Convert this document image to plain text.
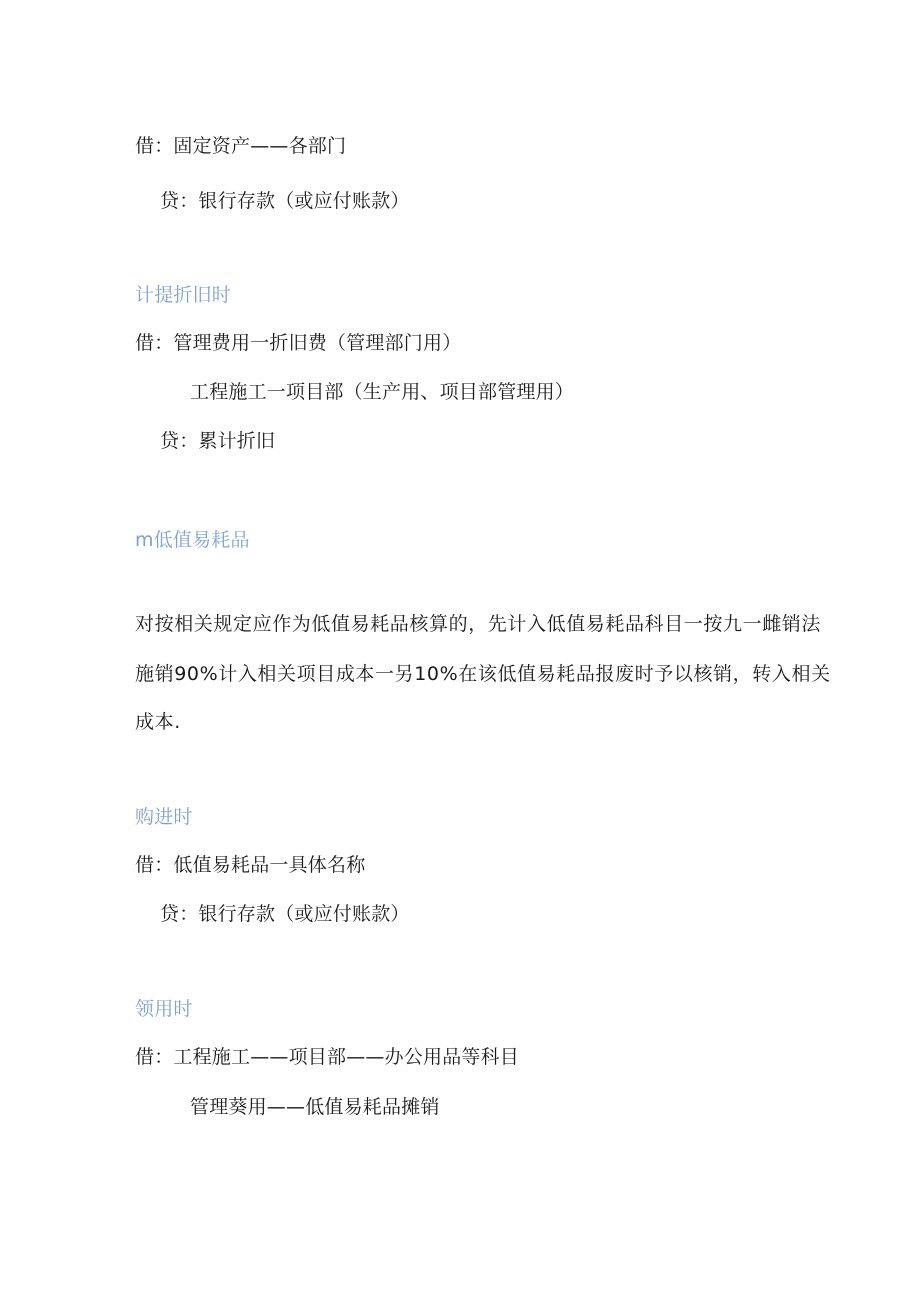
借：固定资产——各部门
贷：银行存款（或应付账款）
计提折旧时
借：管理费用一折旧费（管理部门用）
工程施工一项目部（生产用、项目部管理用）
贷：累计折旧
m低值易耗品
对按相关规定应作为低值易耗品核算的，先计入低值易耗品科目一按九一雌销法
施销90%计入相关项目成本一另10%在该低值易耗品报废时予以核销，转入相关
成本.
购进时
借：低值易耗品一具体名称
贷：银行存款（或应付账款）
领用时
借：工程施工——项目部——办公用品等科目
管理葵用——低值易耗品摊销
